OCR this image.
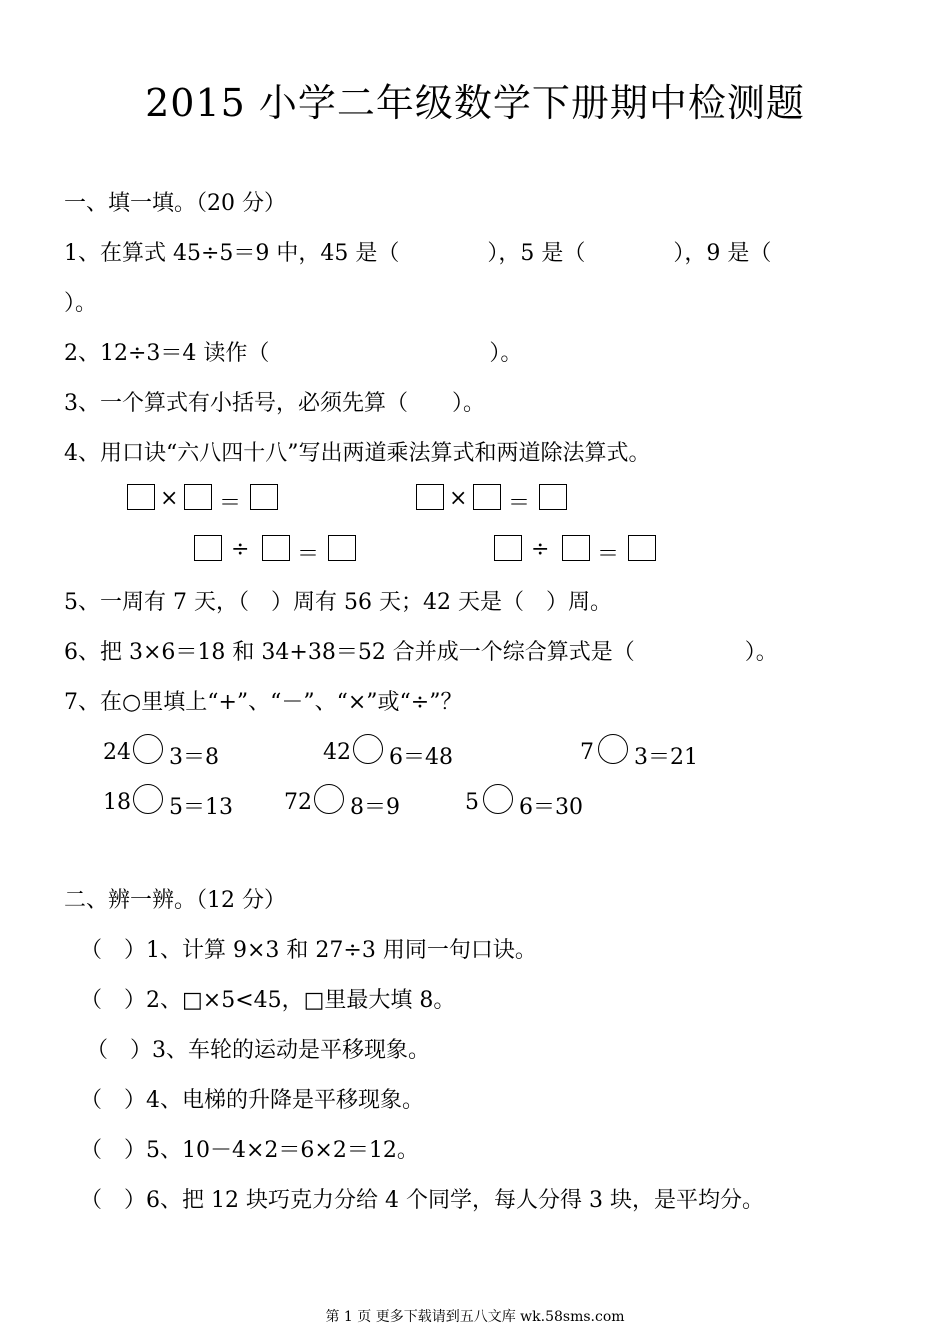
2015 小学二年级数学下册期中检测题
一、填一填。（20 分）
1、在算式 45÷5＝9 中，45 是（　　　　），5 是（　　　　），9 是（
）。
2、12÷3＝4 读作（　　　　　　　　　　）。
3、一个算式有小括号，必须先算（　　）。
4、用口诀“六八四十八”写出两道乘法算式和两道除法算式。
× ＝	× ＝
÷ ＝	÷ ＝
5、一周有 7 天，（　）周有 56 天；42 天是（　）周。
6、把 3×6＝18 和 34+38＝52 合并成一个综合算式是（　　　　　）。
7、在○里填上“+”、“－”、“×”或“÷”？
24 3＝8	42 6＝48	7 3＝21
18 5＝13 72 8＝9	5 6＝30
二、辨一辨。（12 分）
（　）1、计算 9×3 和 27÷3 用同一句口诀。
（　）2、□×5<45，□里最大填 8。
（　）3、车轮的运动是平移现象。
（　）4、电梯的升降是平移现象。
（　）5、10－4×2＝6×2＝12。
（　）6、把 12 块巧克力分给 4 个同学，每人分得 3 块，是平均分。
第 1 页 更多下载请到五八文库 wk.58sms.com
